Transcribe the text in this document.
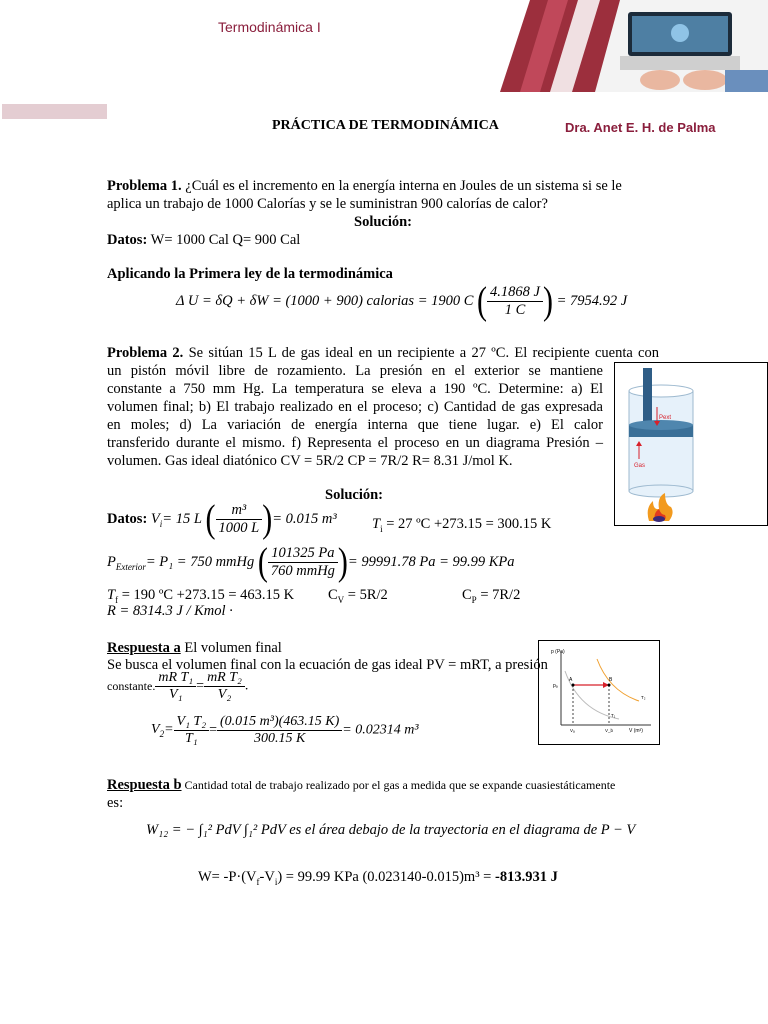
Termodinámica I
PRÁCTICA DE TERMODINÁMICA	Dra. Anet E. H. de Palma

Problema 1. ¿Cuál es el incremento en la energía interna en Joules de un sistema si se le

aplica un trabajo de 1000 Calorías y se le suministran 900 calorías de calor?

Solución:

Datos: W= 1000 Cal Q= 900 Cal

Aplicando la Primera ley de la termodinámica

Δ U = δQ + δW = (1000 + 900) calorias = 1900 C ( $\frac{4.1868 J}{1 C}$ ) = 7954.92 J

Problema 2. Se sitúan 15 L de gas ideal en un recipiente a 27 ºC. El recipiente cuenta con

un pistón móvil libre de rozamiento. La presión en el exterior se mantiene

constante a 750 mm Hg. La temperatura se eleva a 190 ºC. Determine: a) El

volumen final; b) El trabajo realizado en el proceso; c) Cantidad de gas expresada

en moles; d) La variación de energía interna que tiene lugar. e) El calor

transferido durante el mismo. f) Representa el proceso en un diagrama Presión –

volumen. Gas ideal diatónico CV = 5R/2 CP = 7R/2 R= 8.31 J/mol K.

Pext
Gas

Solución:

Datos: $V_i= 15$ L ( $\frac{\text{m³}}{1000 L}$ )= 0.015 m³ $T_i = 27$ ºC +273.15 = 300.15 K

$P_{Exterior}= P_1 = 750$ mmHg ( $\frac{101325 Pa}{\text{760 mmHg}}$ )= 99991.78 Pa = 99.99 KPa

$T_f = 190$ ºC +273.15 = 463.15 K $C_V = 5R/2$	$C_P = 7R/2$

R = 8314.3 J / Kmol ·

Respuesta a El volumen final

Se busca el volumen final con la ecuación de gas ideal PV = mRT, a presión

constante. $\frac{\text{mR T₁}}{\text{V₁}} = \frac{\text{mR T₂}}{\text{V₂}}$ .
$V_2= \frac{\text{V₁ T₂}}{\text{T₁}} = \frac{\text{(0.015 m³)(463.15 K)}}{300.15 K} = 0.02314$ m³
p (Pa)
V (m³)
pₐ
A	B
T₂
T₁
Vₐ	V_b

Respuesta b Cantidad total de trabajo realizado por el gas a medida que se expande cuasiestáticamente

es:

W₁₂ = − ∫₁² PdV ∫₁² PdV es el área debajo de la trayectoria en el diagrama de P − V

$W= -P\cdot(V_f-V_i) = 99.99$ KPa (0.023140-0.015)m³ = -813.931 J
